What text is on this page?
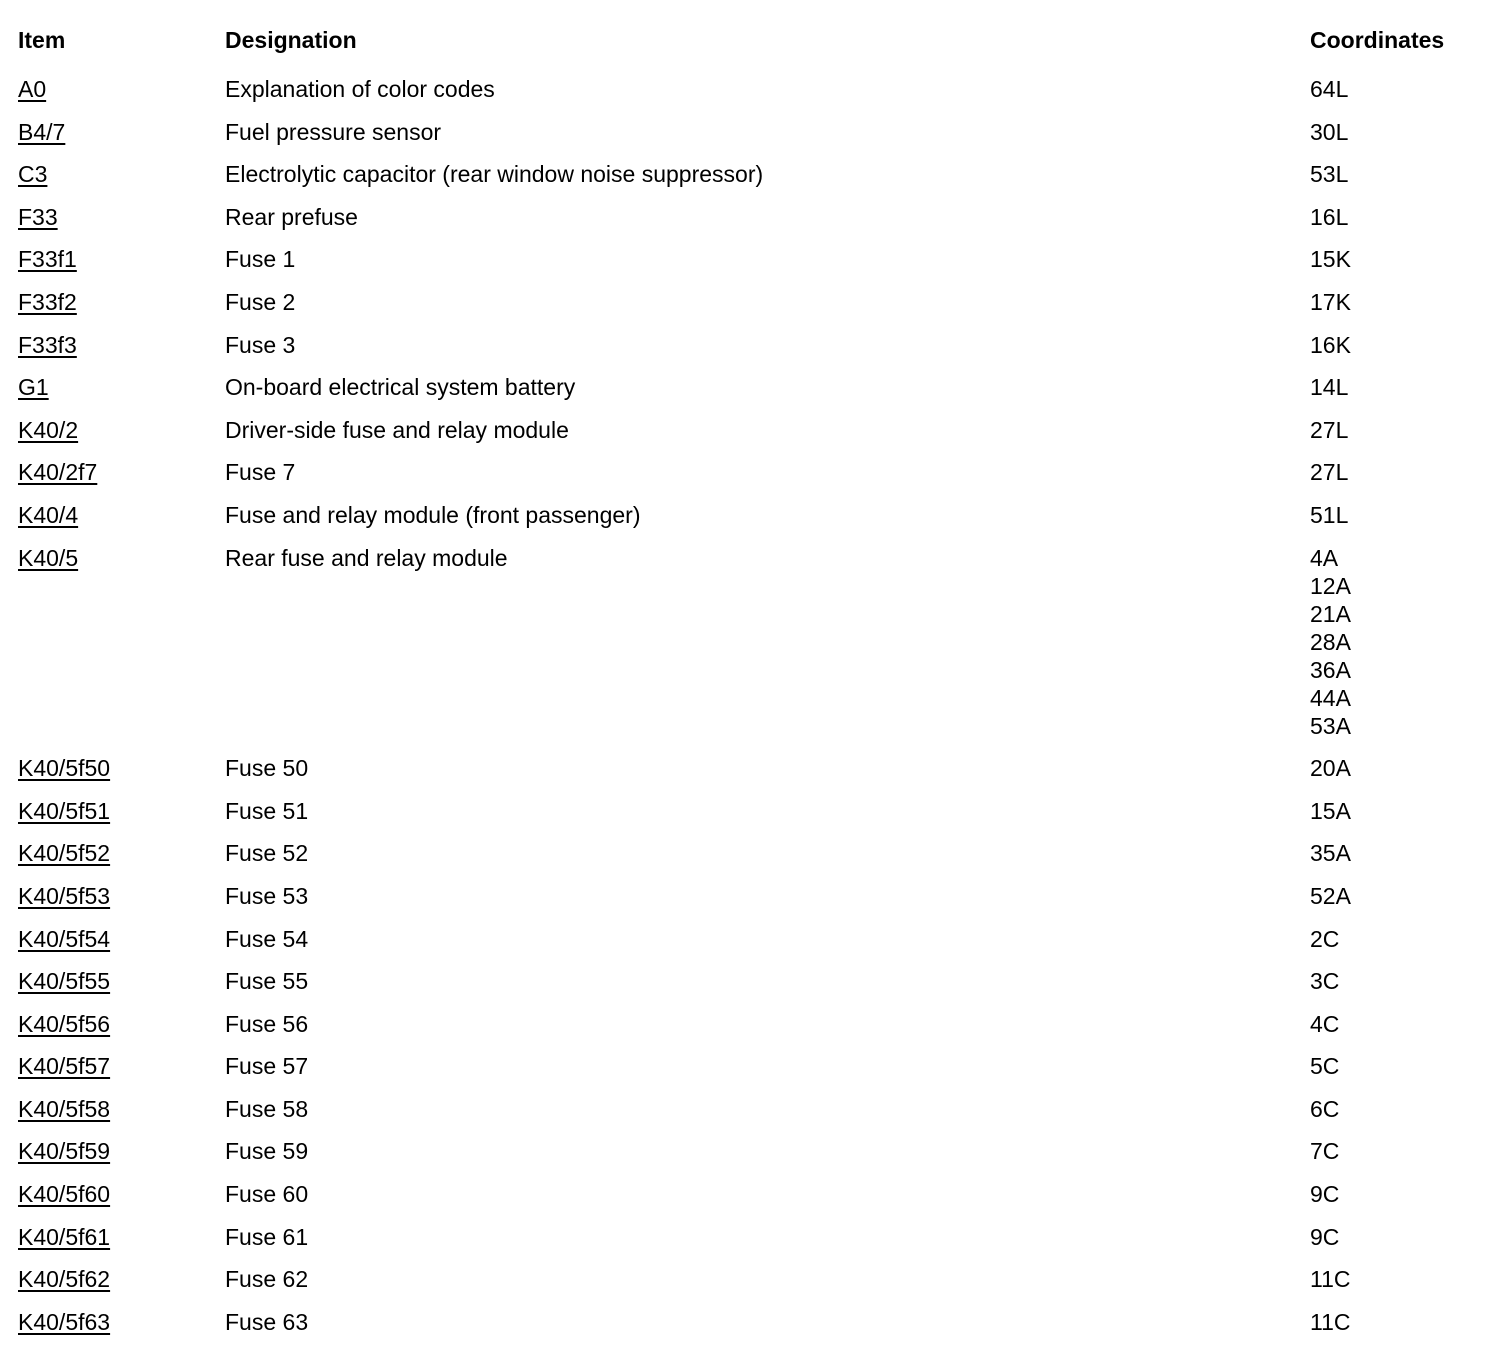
Item	Designation	Coordinates
A0	Explanation of color codes	64L
B4/7	Fuel pressure sensor	30L
C3	Electrolytic capacitor (rear window noise suppressor)	53L
F33	Rear prefuse	16L
F33f1	Fuse 1	15K
F33f2	Fuse 2	17K
F33f3	Fuse 3	16K
G1	On-board electrical system battery	14L
K40/2	Driver-side fuse and relay module	27L
K40/2f7	Fuse 7	27L
K40/4	Fuse and relay module (front passenger)	51L
K40/5	Rear fuse and relay module	4A
12A
21A
28A
36A
44A
53A
K40/5f50	Fuse 50	20A
K40/5f51	Fuse 51	15A
K40/5f52	Fuse 52	35A
K40/5f53	Fuse 53	52A
K40/5f54	Fuse 54	2C
K40/5f55	Fuse 55	3C
K40/5f56	Fuse 56	4C
K40/5f57	Fuse 57	5C
K40/5f58	Fuse 58	6C
K40/5f59	Fuse 59	7C
K40/5f60	Fuse 60	9C
K40/5f61	Fuse 61	9C
K40/5f62	Fuse 62	11C
K40/5f63	Fuse 63	11C
